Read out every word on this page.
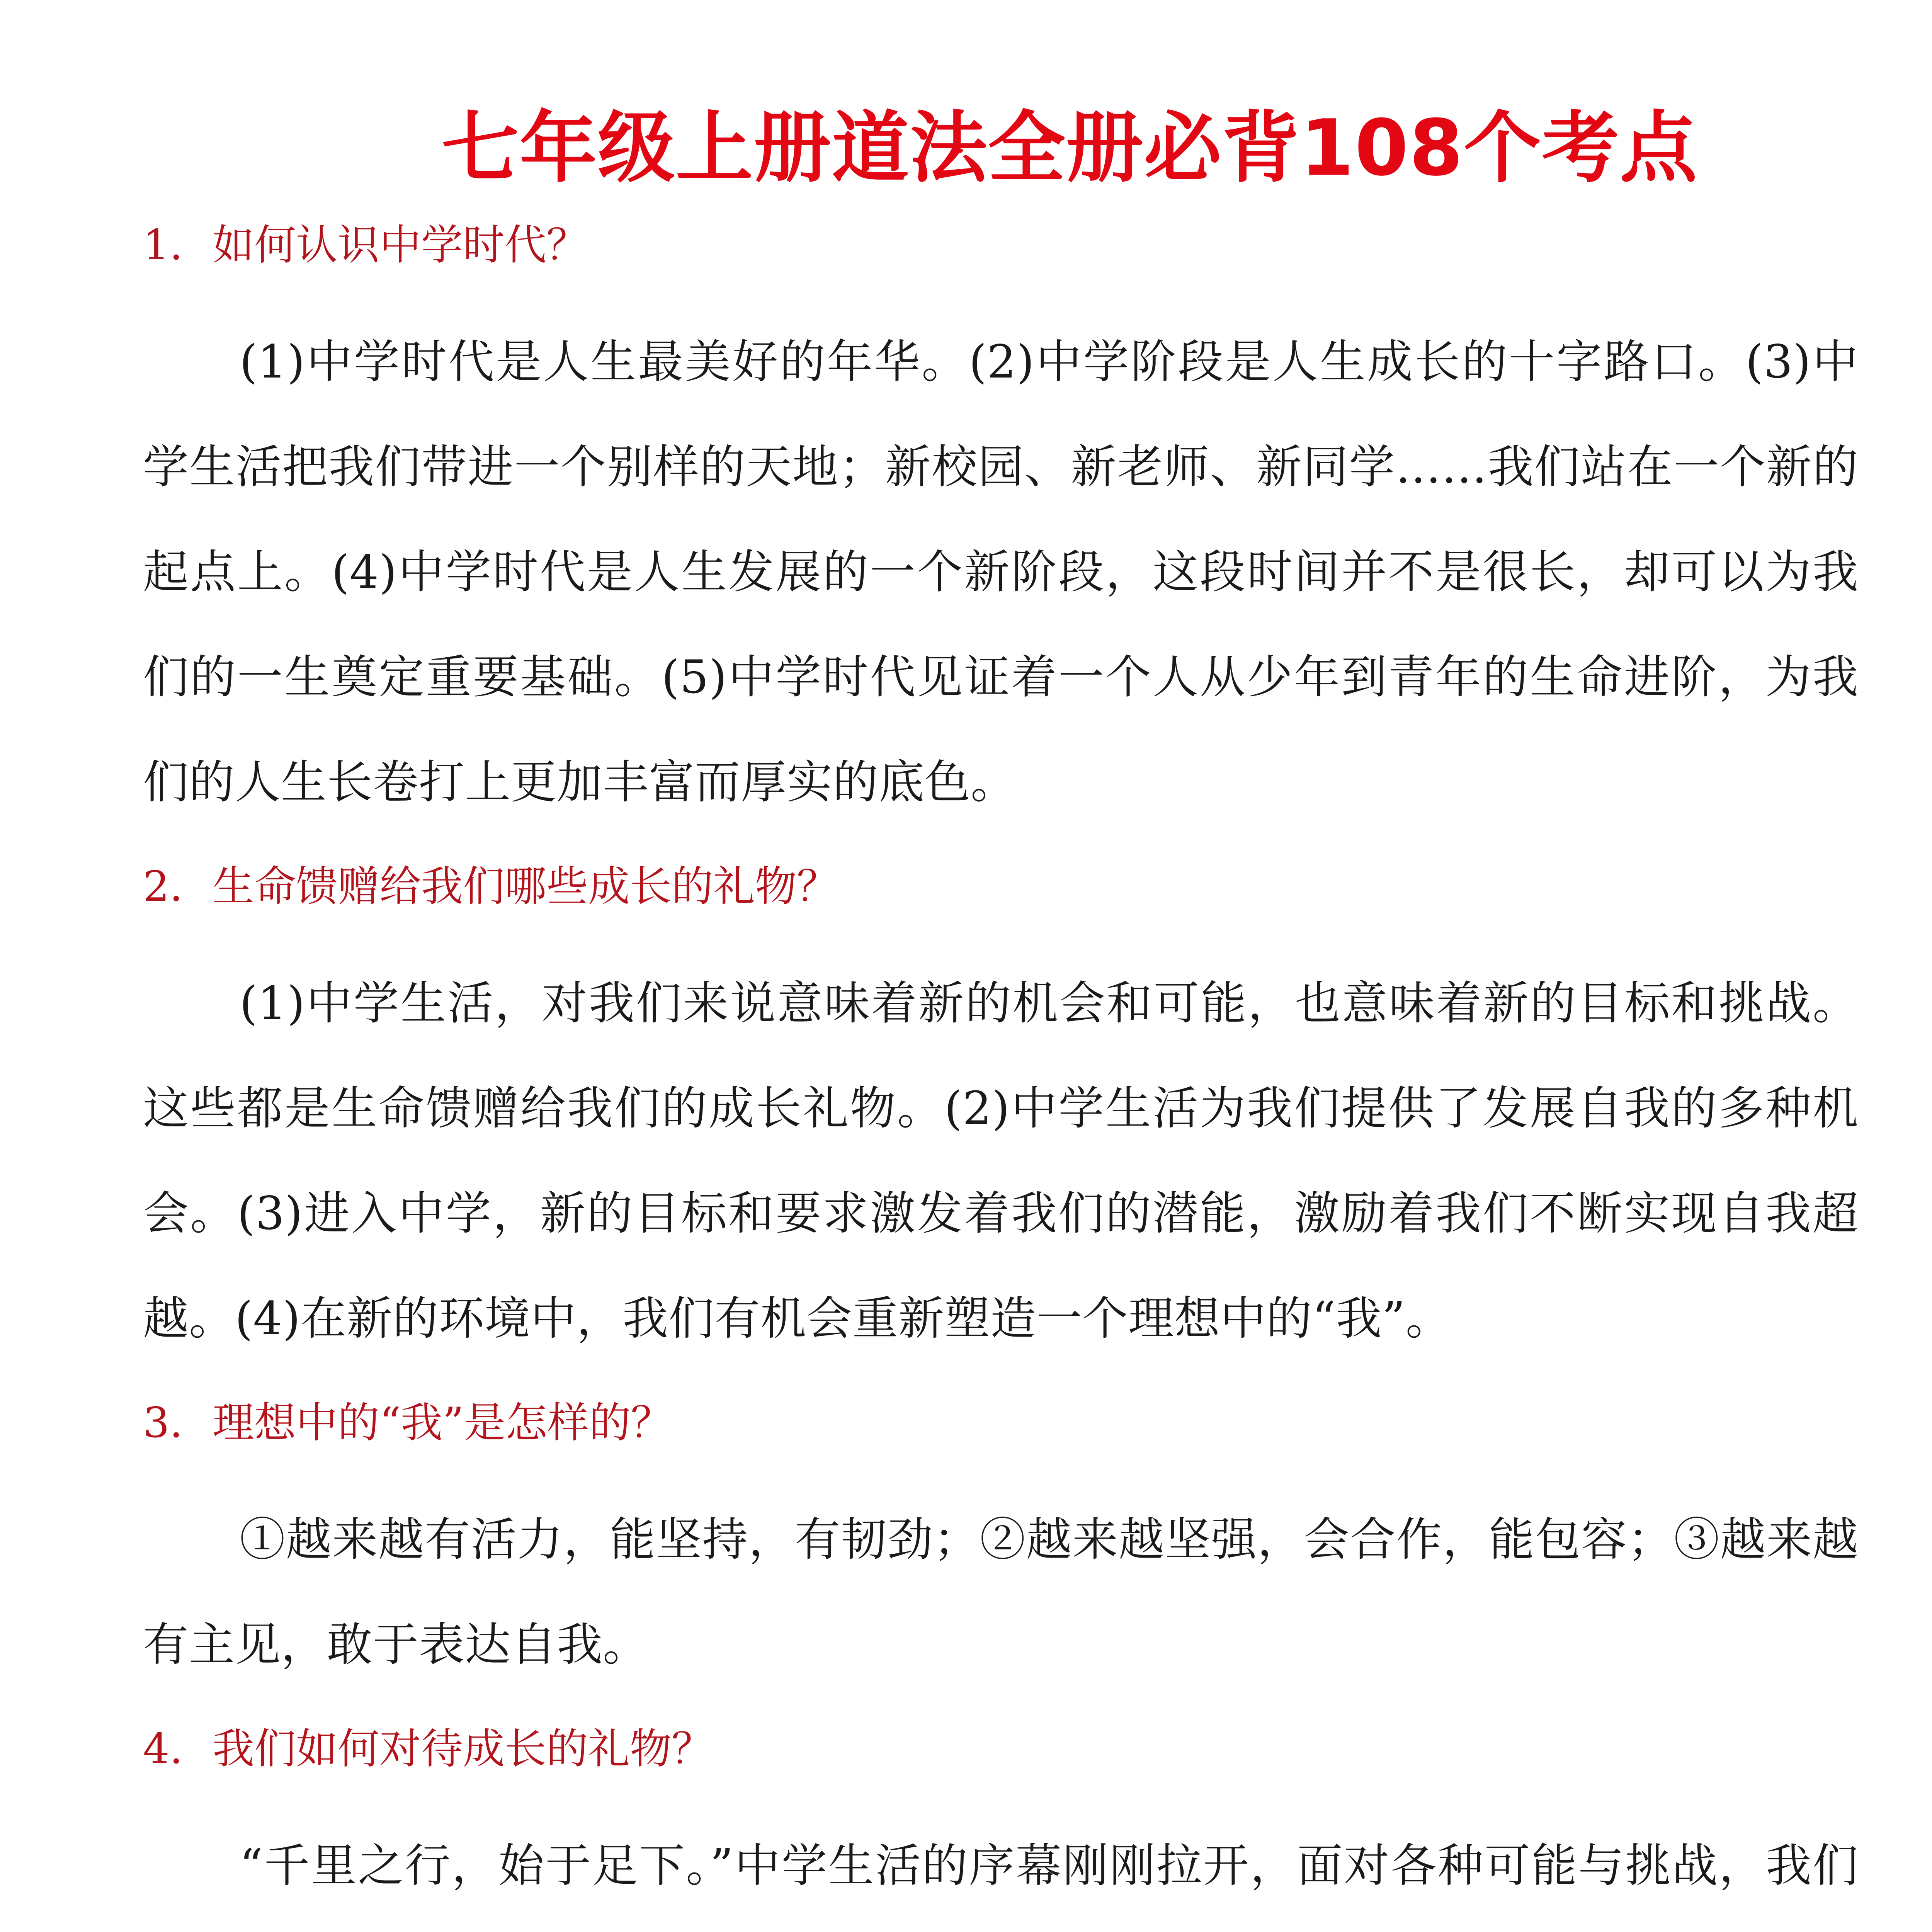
七年级上册道法全册必背108个考点
1. 如何认识中学时代？

(1)中学时代是人生最美好的年华。(2)中学阶段是人生成长的十字路口。(3)中学生活把我们带进一个别样的天地；新校园、新老师、新同学……我们站在一个新的起点上。(4)中学时代是人生发展的一个新阶段，这段时间并不是很长，却可以为我们的一生奠定重要基础。(5)中学时代见证着一个人从少年到青年的生命进阶，为我们的人生长卷打上更加丰富而厚实的底色。

2. 生命馈赠给我们哪些成长的礼物？

(1)中学生活，对我们来说意味着新的机会和可能，也意味着新的目标和挑战。这些都是生命馈赠给我们的成长礼物。(2)中学生活为我们提供了发展自我的多种机会。(3)进入中学，新的目标和要求激发着我们的潜能，激励着我们不断实现自我超越。(4)在新的环境中，我们有机会重新塑造一个理想中的“我”。

3. 理想中的“我”是怎样的？

①越来越有活力，能坚持，有韧劲；②越来越坚强，会合作，能包容；③越来越有主见，敢于表达自我。

4. 我们如何对待成长的礼物？

“千里之行，始于足下。”中学生活的序幕刚刚拉开，面对各种可能与挑战，我们
